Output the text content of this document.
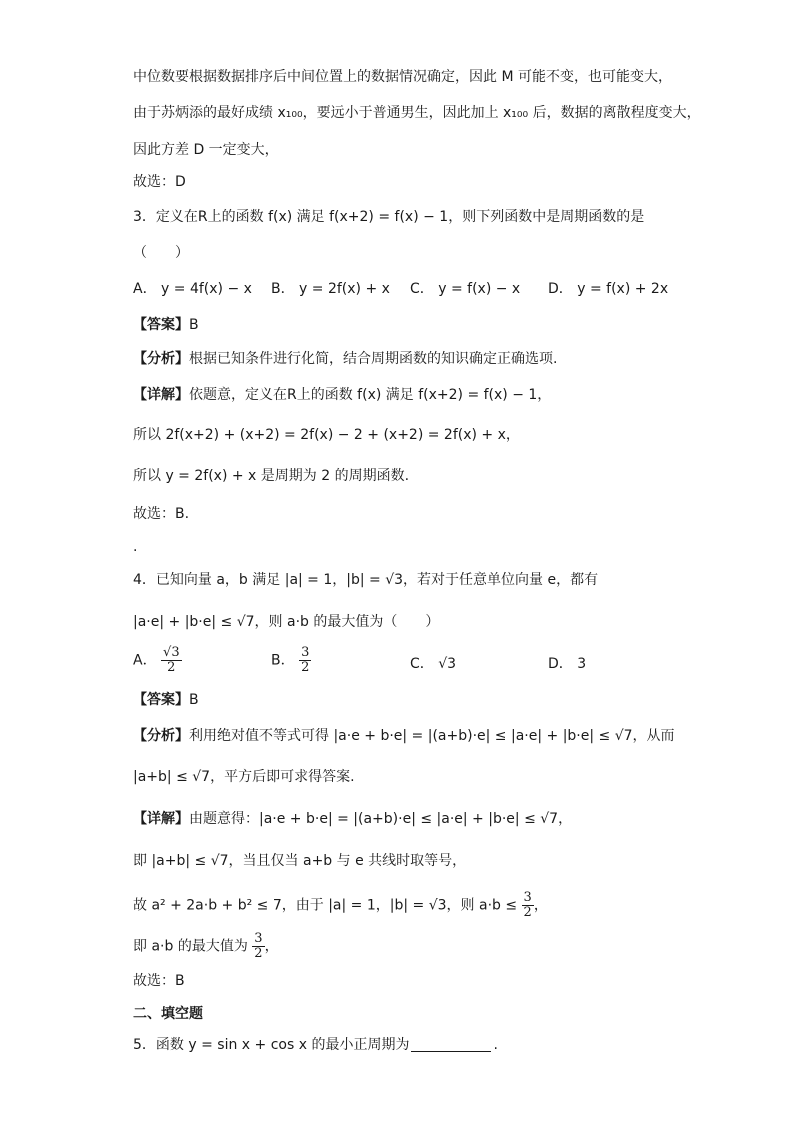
中位数要根据数据排序后中间位置上的数据情况确定，因此 M 可能不变，也可能变大，
由于苏炳添的最好成绩 x₁₀₀，要远小于普通男生，因此加上 x₁₀₀ 后，数据的离散程度变大，
因此方差 D 一定变大，
故选：D
3．定义在R上的函数 f(x) 满足 f(x+2) = f(x) − 1，则下列函数中是周期函数的是
（　　）
A． y = 4f(x) − x B． y = 2f(x) + x C． y = f(x) − x D． y = f(x) + 2x
【答案】B
【分析】根据已知条件进行化简，结合周期函数的知识确定正确选项.
【详解】依题意，定义在R上的函数 f(x) 满足 f(x+2) = f(x) − 1，
所以 2f(x+2) + (x+2) = 2f(x) − 2 + (x+2) = 2f(x) + x，
所以 y = 2f(x) + x 是周期为 2 的周期函数.
故选：B.
.
4．已知向量 a，b 满足 |a| = 1，|b| = √3，若对于任意单位向量 e，都有
|a·e| + |b·e| ≤ √7，则 a·b 的最大值为（　　）
A． $\frac{√3}{2}$	B． $\frac{3}{2}$	C． √3	D． 3
【答案】B
【分析】利用绝对值不等式可得 |a·e + b·e| = |(a+b)·e| ≤ |a·e| + |b·e| ≤ √7，从而
|a+b| ≤ √7，平方后即可求得答案.
【详解】由题意得：|a·e + b·e| = |(a+b)·e| ≤ |a·e| + |b·e| ≤ √7，
即 |a+b| ≤ √7，当且仅当 a+b 与 e 共线时取等号，
故 a² + 2a·b + b² ≤ 7，由于 |a| = 1，|b| = √3，则 $a\cdot b \le \frac{3}{2}$ ，
即 a·b 的最大值为 $\frac{3}{2}$ ，
故选：B
二、填空题
5．函数 y = sin x + cos x 的最小正周期为	.
